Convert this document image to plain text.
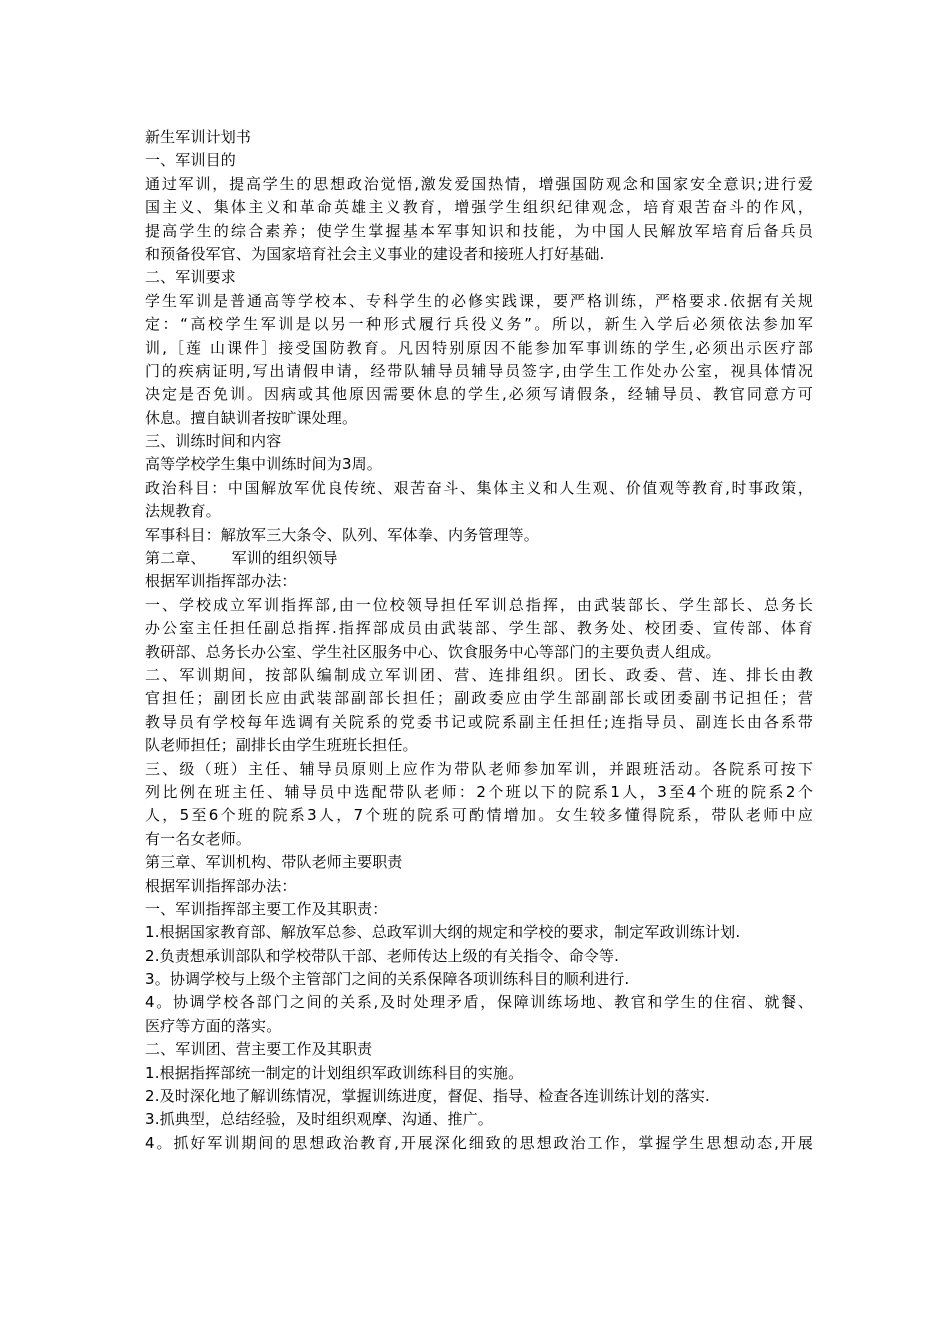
新生军训计划书
一、军训目的
通过军训，提高学生的思想政治觉悟,激发爱国热情，增强国防观念和国家安全意识;进行爱
国主义、集体主义和革命英雄主义教育，增强学生组织纪律观念，培育艰苦奋斗的作风，
提高学生的综合素养；使学生掌握基本军事知识和技能，为中国人民解放军培育后备兵员
和预备役军官、为国家培育社会主义事业的建设者和接班人打好基础.
二、军训要求
学生军训是普通高等学校本、专科学生的必修实践课，要严格训练，严格要求.依据有关规
定：“高校学生军训是以另一种形式履行兵役义务”。所以，新生入学后必须依法参加军
训,［莲 山课件］接受国防教育。凡因特别原因不能参加军事训练的学生,必须出示医疗部
门的疾病证明,写出请假申请，经带队辅导员辅导员签字,由学生工作处办公室，视具体情况
决定是否免训。因病或其他原因需要休息的学生,必须写请假条，经辅导员、教官同意方可
休息。擅自缺训者按旷课处理。
三、训练时间和内容
高等学校学生集中训练时间为3周。
政治科目：中国解放军优良传统、艰苦奋斗、集体主义和人生观、价值观等教育,时事政策，
法规教育。
军事科目：解放军三大条令、队列、军体拳、内务管理等。
第二章、 军训的组织领导
根据军训指挥部办法：
一、学校成立军训指挥部,由一位校领导担任军训总指挥，由武装部长、学生部长、总务长
办公室主任担任副总指挥.指挥部成员由武装部、学生部、教务处、校团委、宣传部、体育
教研部、总务长办公室、学生社区服务中心、饮食服务中心等部门的主要负责人组成。
二、军训期间，按部队编制成立军训团、营、连排组织。团长、政委、营、连、排长由教
官担任；副团长应由武装部副部长担任；副政委应由学生部副部长或团委副书记担任；营
教导员有学校每年选调有关院系的党委书记或院系副主任担任;连指导员、副连长由各系带
队老师担任；副排长由学生班班长担任。
三、级（班）主任、辅导员原则上应作为带队老师参加军训，并跟班活动。各院系可按下
列比例在班主任、辅导员中选配带队老师：2个班以下的院系1人，3至4个班的院系2个
人，5至6个班的院系3人，7个班的院系可酌情增加。女生较多懂得院系，带队老师中应
有一名女老师。
第三章、军训机构、带队老师主要职责
根据军训指挥部办法：
一、军训指挥部主要工作及其职责：
1.根据国家教育部、解放军总参、总政军训大纲的规定和学校的要求，制定军政训练计划.
2.负责想承训部队和学校带队干部、老师传达上级的有关指令、命令等.
3。协调学校与上级个主管部门之间的关系保障各项训练科目的顺利进行.
4。协调学校各部门之间的关系,及时处理矛盾，保障训练场地、教官和学生的住宿、就餐、
医疗等方面的落实。
二、军训团、营主要工作及其职责
1.根据指挥部统一制定的计划组织军政训练科目的实施。
2.及时深化地了解训练情况，掌握训练进度，督促、指导、检查各连训练计划的落实.
3.抓典型，总结经验，及时组织观摩、沟通、推广。
4。抓好军训期间的思想政治教育,开展深化细致的思想政治工作，掌握学生思想动态,开展
